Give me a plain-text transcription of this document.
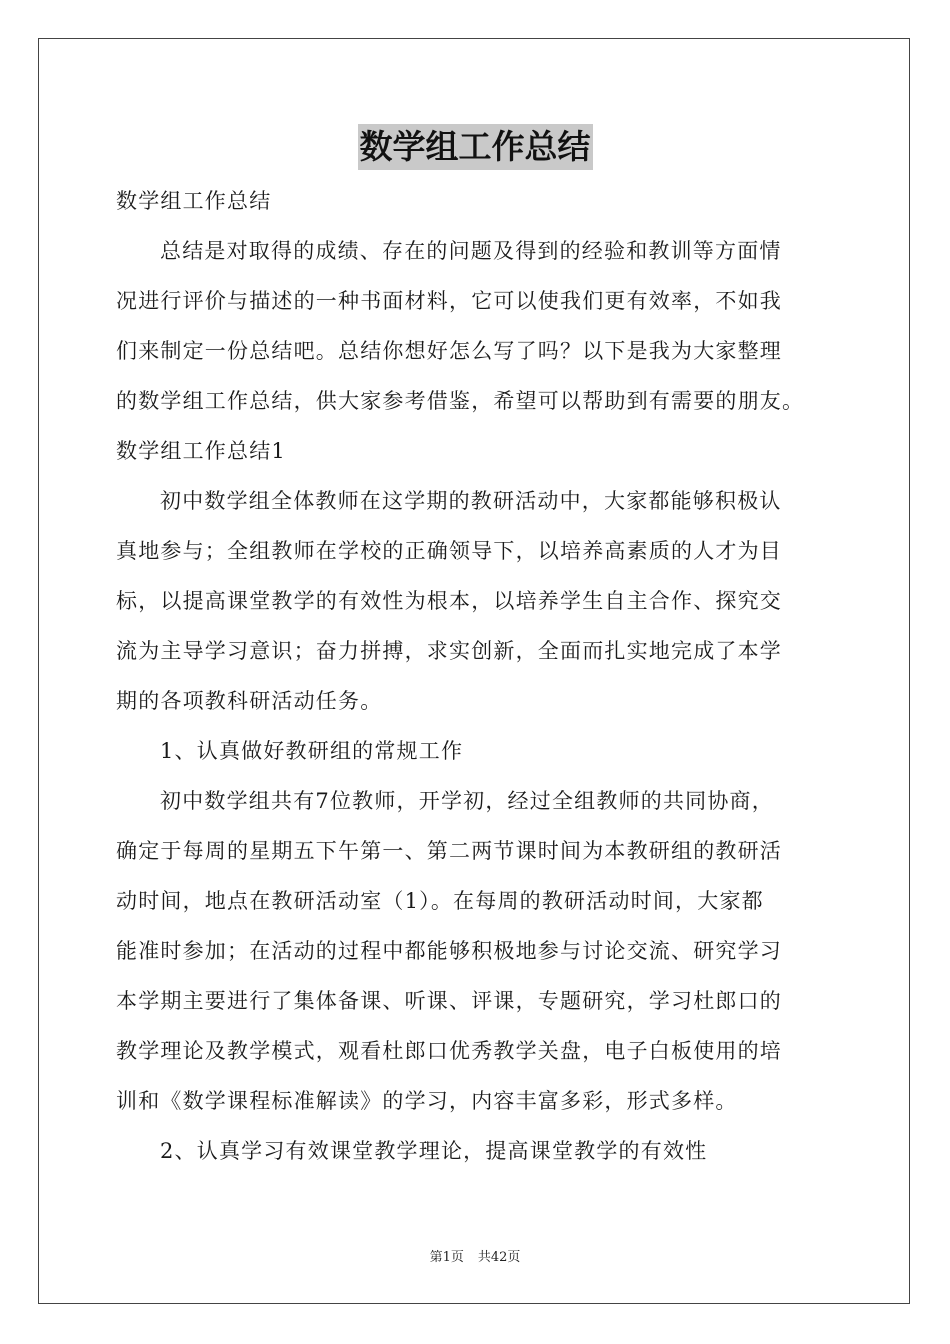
数学组工作总结
数学组工作总结
总结是对取得的成绩、存在的问题及得到的经验和教训等方面情
况进行评价与描述的一种书面材料，它可以使我们更有效率，不如我
们来制定一份总结吧。总结你想好怎么写了吗？以下是我为大家整理
的数学组工作总结，供大家参考借鉴，希望可以帮助到有需要的朋友。
数学组工作总结1
初中数学组全体教师在这学期的教研活动中，大家都能够积极认
真地参与；全组教师在学校的正确领导下，以培养高素质的人才为目
标，以提高课堂教学的有效性为根本，以培养学生自主合作、探究交
流为主导学习意识；奋力拼搏，求实创新，全面而扎实地完成了本学
期的各项教科研活动任务。
1、认真做好教研组的常规工作
初中数学组共有7位教师，开学初，经过全组教师的共同协商，
确定于每周的星期五下午第一、第二两节课时间为本教研组的教研活
动时间，地点在教研活动室（1）。在每周的教研活动时间，大家都
能准时参加；在活动的过程中都能够积极地参与讨论交流、研究学习
本学期主要进行了集体备课、听课、评课，专题研究，学习杜郎口的
教学理论及教学模式，观看杜郎口优秀教学关盘，电子白板使用的培
训和《数学课程标准解读》的学习，内容丰富多彩，形式多样。
2、认真学习有效课堂教学理论，提高课堂教学的有效性
第1页 共42页
